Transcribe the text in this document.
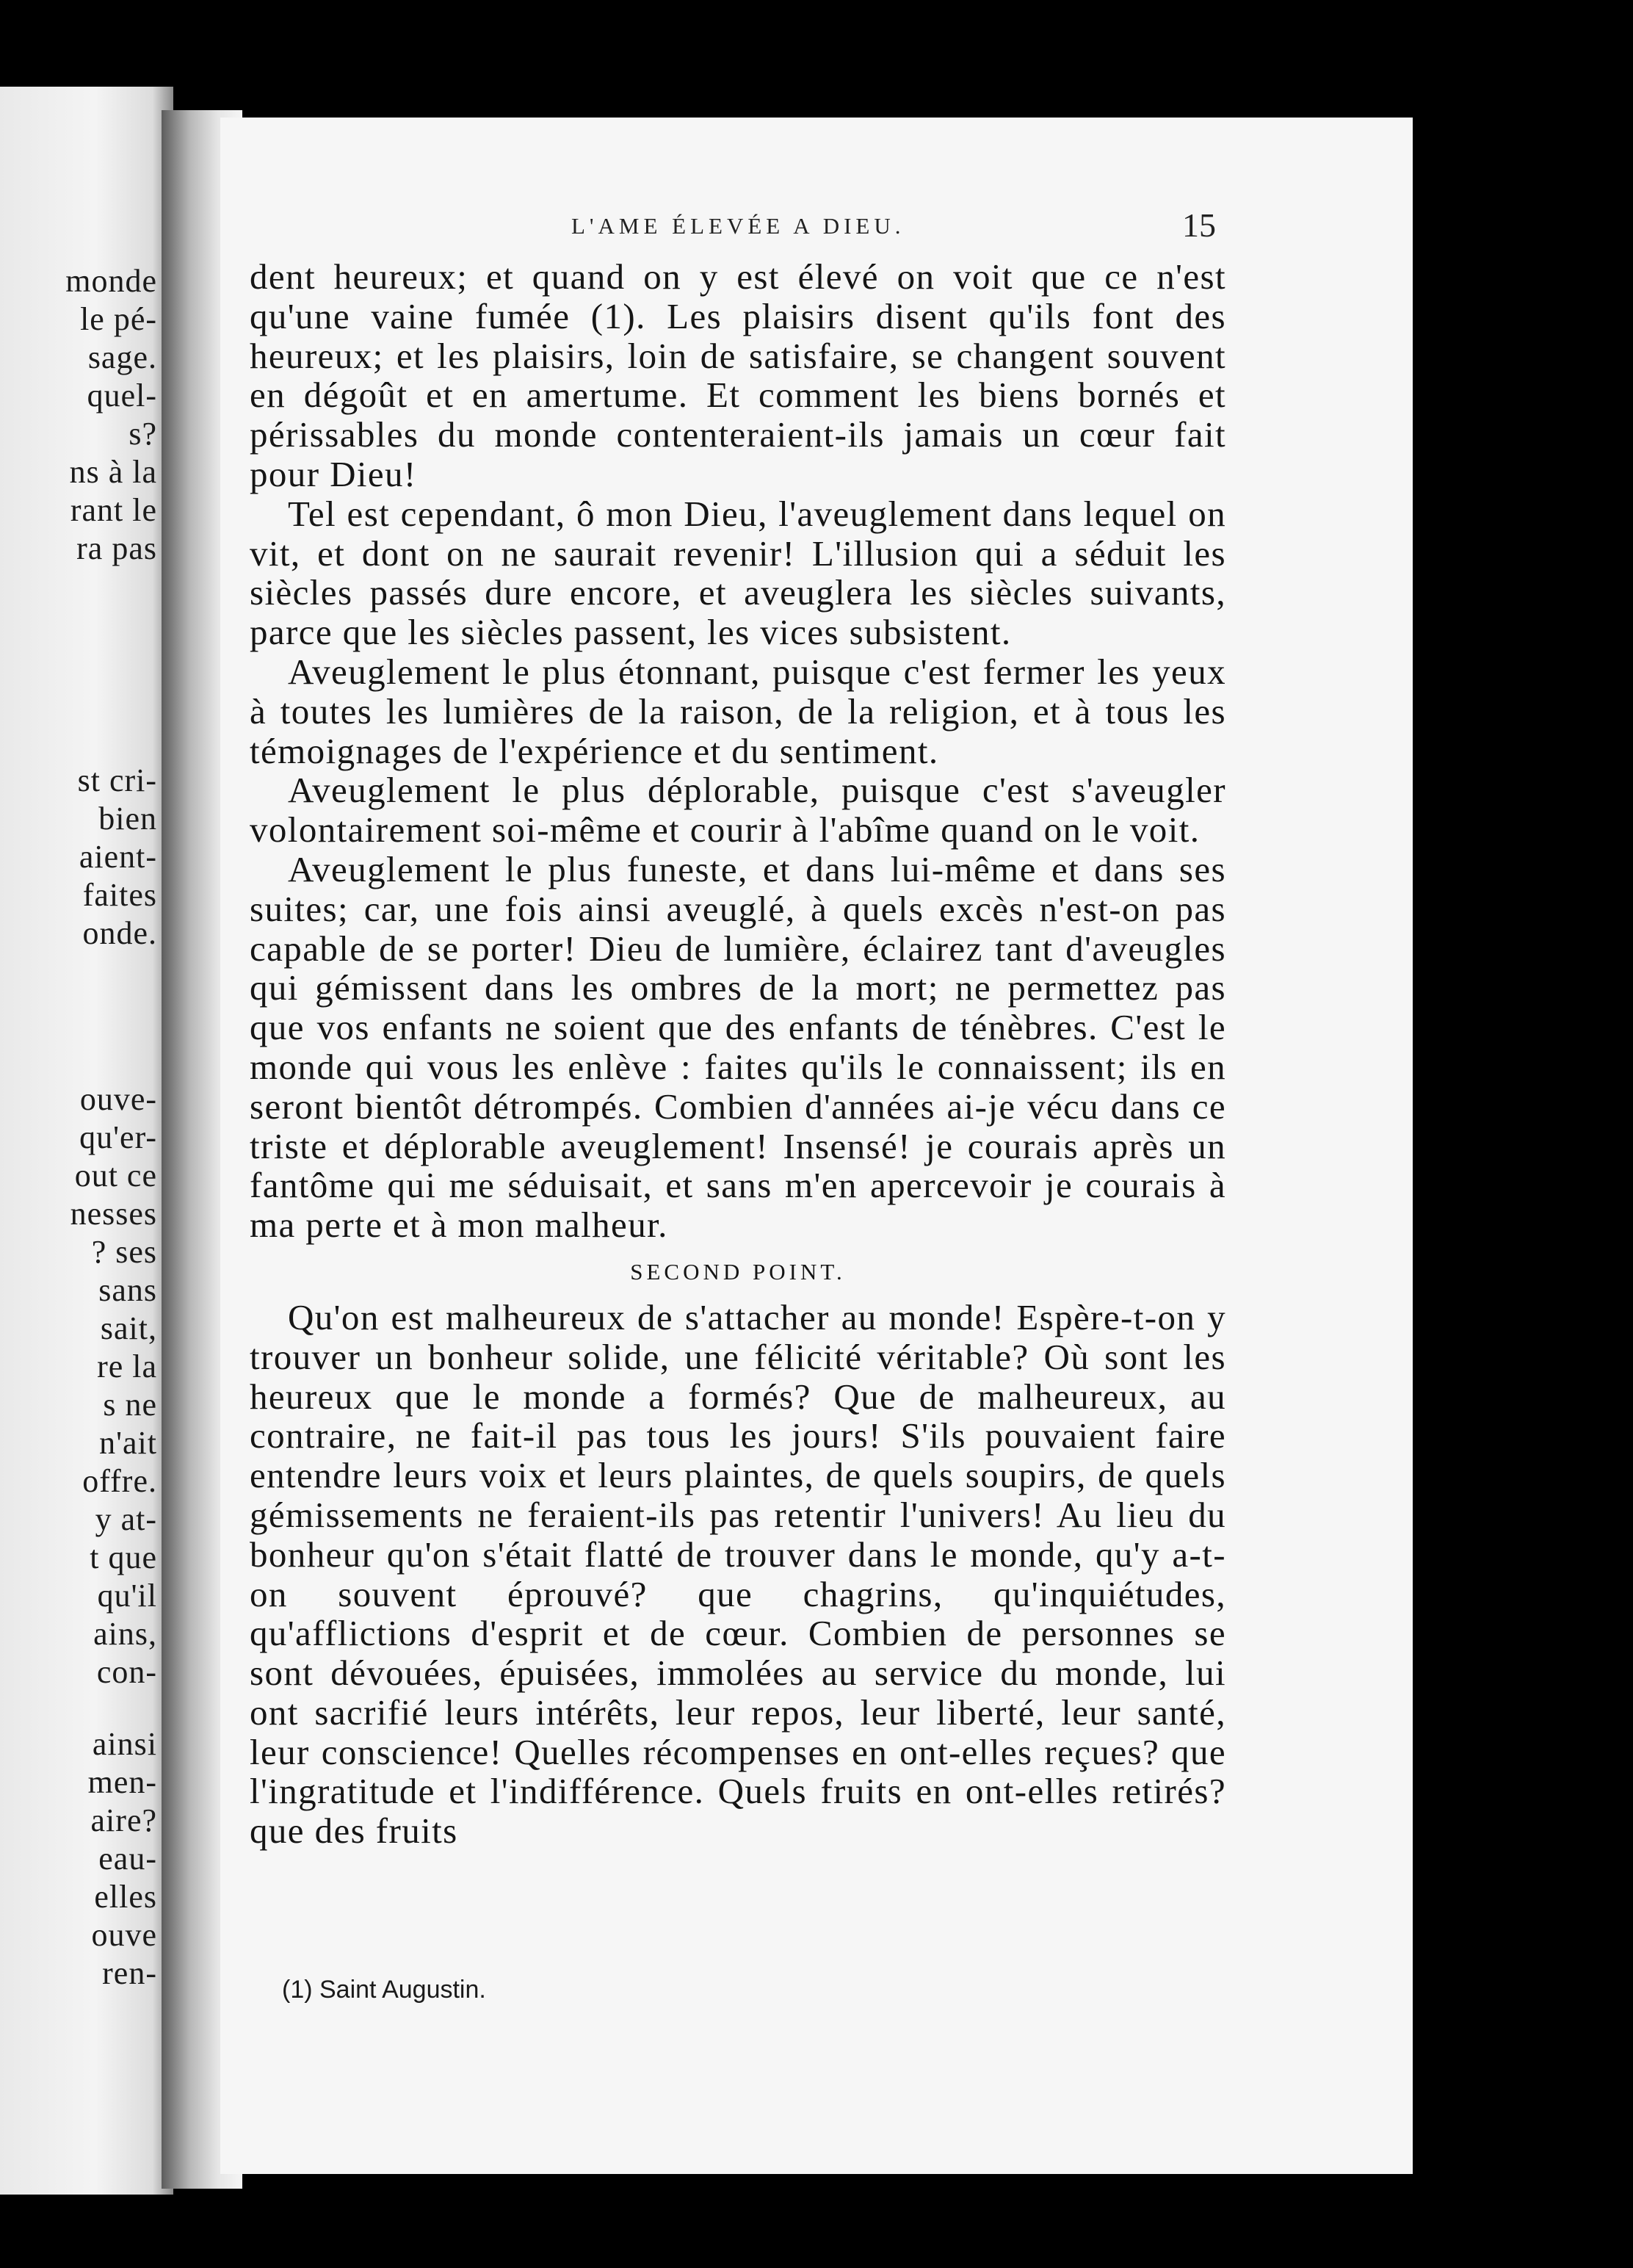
monde
le pé-
sage.
quel-
s?
ns à la
rant le
ra pas
st cri-
bien
aient-
faites
onde.
ouve-
qu'er-
out ce
nesses
? ses
sans
sait,
re la
s ne
n'ait
offre.
y at-
t que
qu'il
ains,
con-
ainsi
men-
aire?
eau-
elles
ouve
ren-
L'AME ÉLEVÉE A DIEU.	15

dent heureux; et quand on y est élevé on voit que ce n'est qu'une vaine fumée (1). Les plaisirs disent qu'ils font des heureux; et les plaisirs, loin de satisfaire, se changent souvent en dégoût et en amertume. Et comment les biens bornés et périssables du monde contenteraient-ils jamais un cœur fait pour Dieu!

Tel est cependant, ô mon Dieu, l'aveuglement dans lequel on vit, et dont on ne saurait revenir! L'illusion qui a séduit les siècles passés dure encore, et aveuglera les siècles suivants, parce que les siècles passent, les vices subsistent.

Aveuglement le plus étonnant, puisque c'est fermer les yeux à toutes les lumières de la raison, de la religion, et à tous les témoignages de l'expérience et du sentiment.

Aveuglement le plus déplorable, puisque c'est s'aveugler volontairement soi-même et courir à l'abîme quand on le voit.

Aveuglement le plus funeste, et dans lui-même et dans ses suites; car, une fois ainsi aveuglé, à quels excès n'est-on pas capable de se porter! Dieu de lumière, éclairez tant d'aveugles qui gémissent dans les ombres de la mort; ne permettez pas que vos enfants ne soient que des enfants de ténèbres. C'est le monde qui vous les enlève : faites qu'ils le connaissent; ils en seront bientôt détrompés. Combien d'années ai-je vécu dans ce triste et déplorable aveuglement! Insensé! je courais après un fantôme qui me séduisait, et sans m'en apercevoir je courais à ma perte et à mon malheur.

SECOND POINT.

Qu'on est malheureux de s'attacher au monde! Espère-t-on y trouver un bonheur solide, une félicité véritable? Où sont les heureux que le monde a formés? Que de malheureux, au contraire, ne fait-il pas tous les jours! S'ils pouvaient faire entendre leurs voix et leurs plaintes, de quels soupirs, de quels gémissements ne feraient-ils pas retentir l'univers! Au lieu du bonheur qu'on s'était flatté de trouver dans le monde, qu'y a-t-on souvent éprouvé? que chagrins, qu'inquiétudes, qu'afflictions d'esprit et de cœur. Combien de personnes se sont dévouées, épuisées, immolées au service du monde, lui ont sacrifié leurs intérêts, leur repos, leur liberté, leur santé, leur conscience! Quelles récompenses en ont-elles reçues? que l'ingratitude et l'indifférence. Quels fruits en ont-elles retirés? que des fruits

(1) Saint Augustin.
